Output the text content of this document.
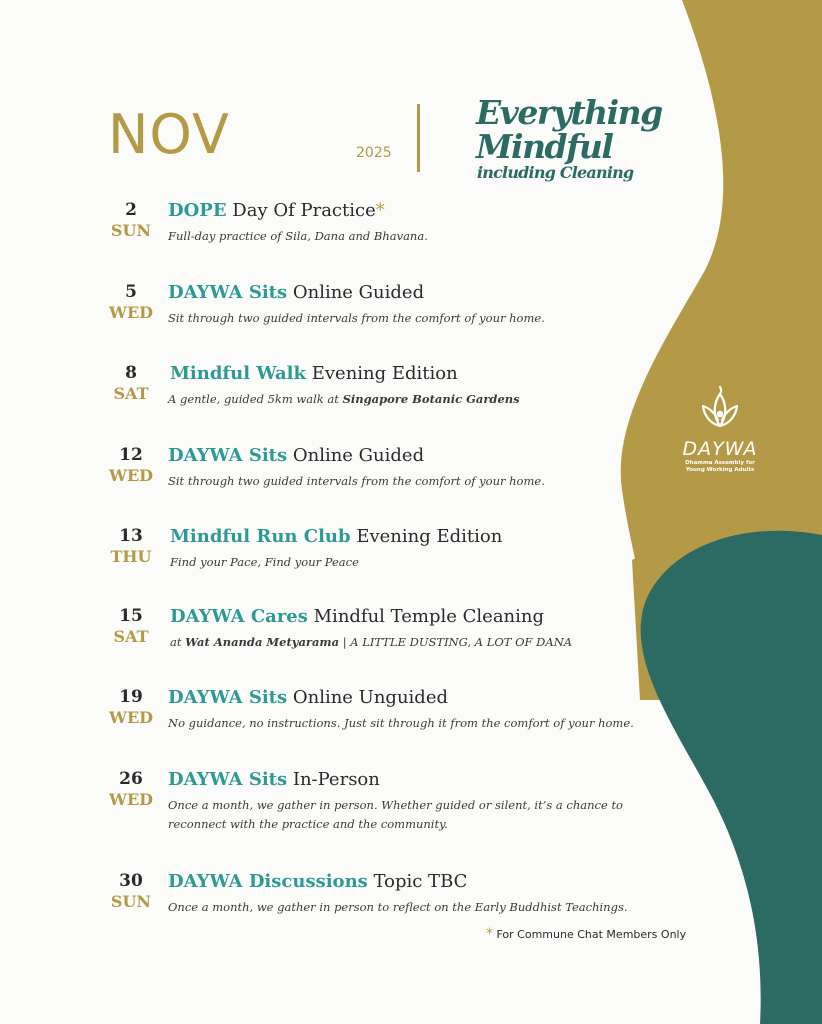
NOV	2025
Everything
Mindful
including Cleaning
2
SUN
DOPE Day Of Practice*
Full-day practice of Sila, Dana and Bhavana.
5
WED
DAYWA Sits Online Guided
Sit through two guided intervals from the comfort of your home.
8
SAT
Mindful Walk Evening Edition
A gentle, guided 5km walk at Singapore Botanic Gardens
12
WED
DAYWA Sits Online Guided
Sit through two guided intervals from the comfort of your home.
13
THU
Mindful Run Club Evening Edition
Find your Pace, Find your Peace
15
SAT
DAYWA Cares Mindful Temple Cleaning
at Wat Ananda Metyarama | A LITTLE DUSTING, A LOT OF DANA
19
WED
DAYWA Sits Online Unguided
No guidance, no instructions. Just sit through it from the comfort of your home.
26
WED
DAYWA Sits In-Person
Once a month, we gather in person. Whether guided or silent, it’s a chance to reconnect with the practice and the community.
30
SUN
DAYWA Discussions Topic TBC
Once a month, we gather in person to reflect on the Early Buddhist Teachings.
DAYWA
Dhamma Assembly for
Young Working Adults
* For Commune Chat Members Only
